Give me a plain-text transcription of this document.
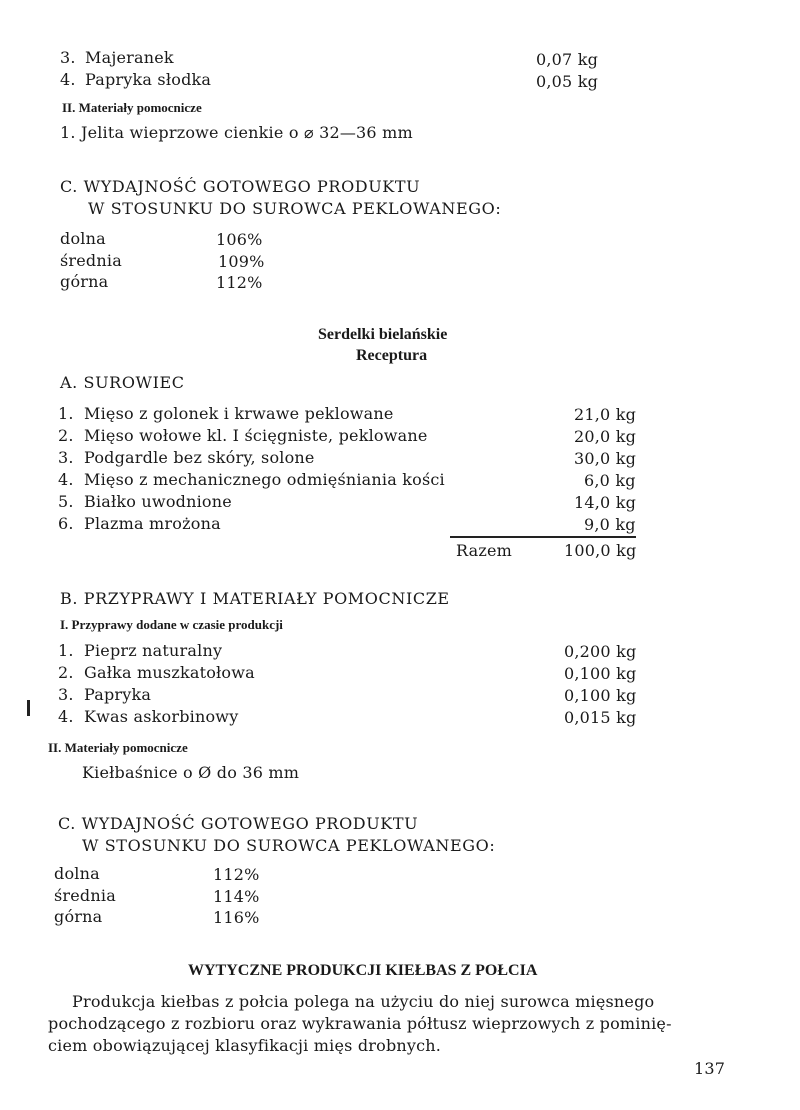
3. Majeranek	0,07 kg
4. Papryka słodka	0,05 kg
II. Materiały pomocnicze
1. Jelita wieprzowe cienkie o ⌀ 32—36 mm
C. WYDAJNOŚĆ GOTOWEGO PRODUKTU
W STOSUNKU DO SUROWCA PEKLOWANEGO:
dolna	106%
średnia	109%
górna	112%
Serdelki bielańskie
Receptura
A. SUROWIEC
1. Mięso z golonek i krwawe peklowane	21,0 kg
2. Mięso wołowe kl. I ścięgniste, peklowane	20,0 kg
3. Podgardle bez skóry, solone	30,0 kg
4. Mięso z mechanicznego odmięśniania kości	6,0 kg
5. Białko uwodnione	14,0 kg
6. Plazma mrożona	9,0 kg
Razem	100,0 kg
B. PRZYPRAWY I MATERIAŁY POMOCNICZE
I. Przyprawy dodane w czasie produkcji
1. Pieprz naturalny	0,200 kg
2. Gałka muszkatołowa	0,100 kg
3. Papryka	0,100 kg
4. Kwas askorbinowy	0,015 kg
II. Materiały pomocnicze
Kiełbaśnice o Ø do 36 mm
C. WYDAJNOŚĆ GOTOWEGO PRODUKTU
W STOSUNKU DO SUROWCA PEKLOWANEGO:
dolna	112%
średnia	114%
górna	116%
WYTYCZNE PRODUKCJI KIEŁBAS Z POŁCIA
Produkcja kiełbas z połcia polega na użyciu do niej surowca mięsnego
pochodzącego z rozbioru oraz wykrawania półtusz wieprzowych z pominię-
ciem obowiązującej klasyfikacji mięs drobnych.
137
